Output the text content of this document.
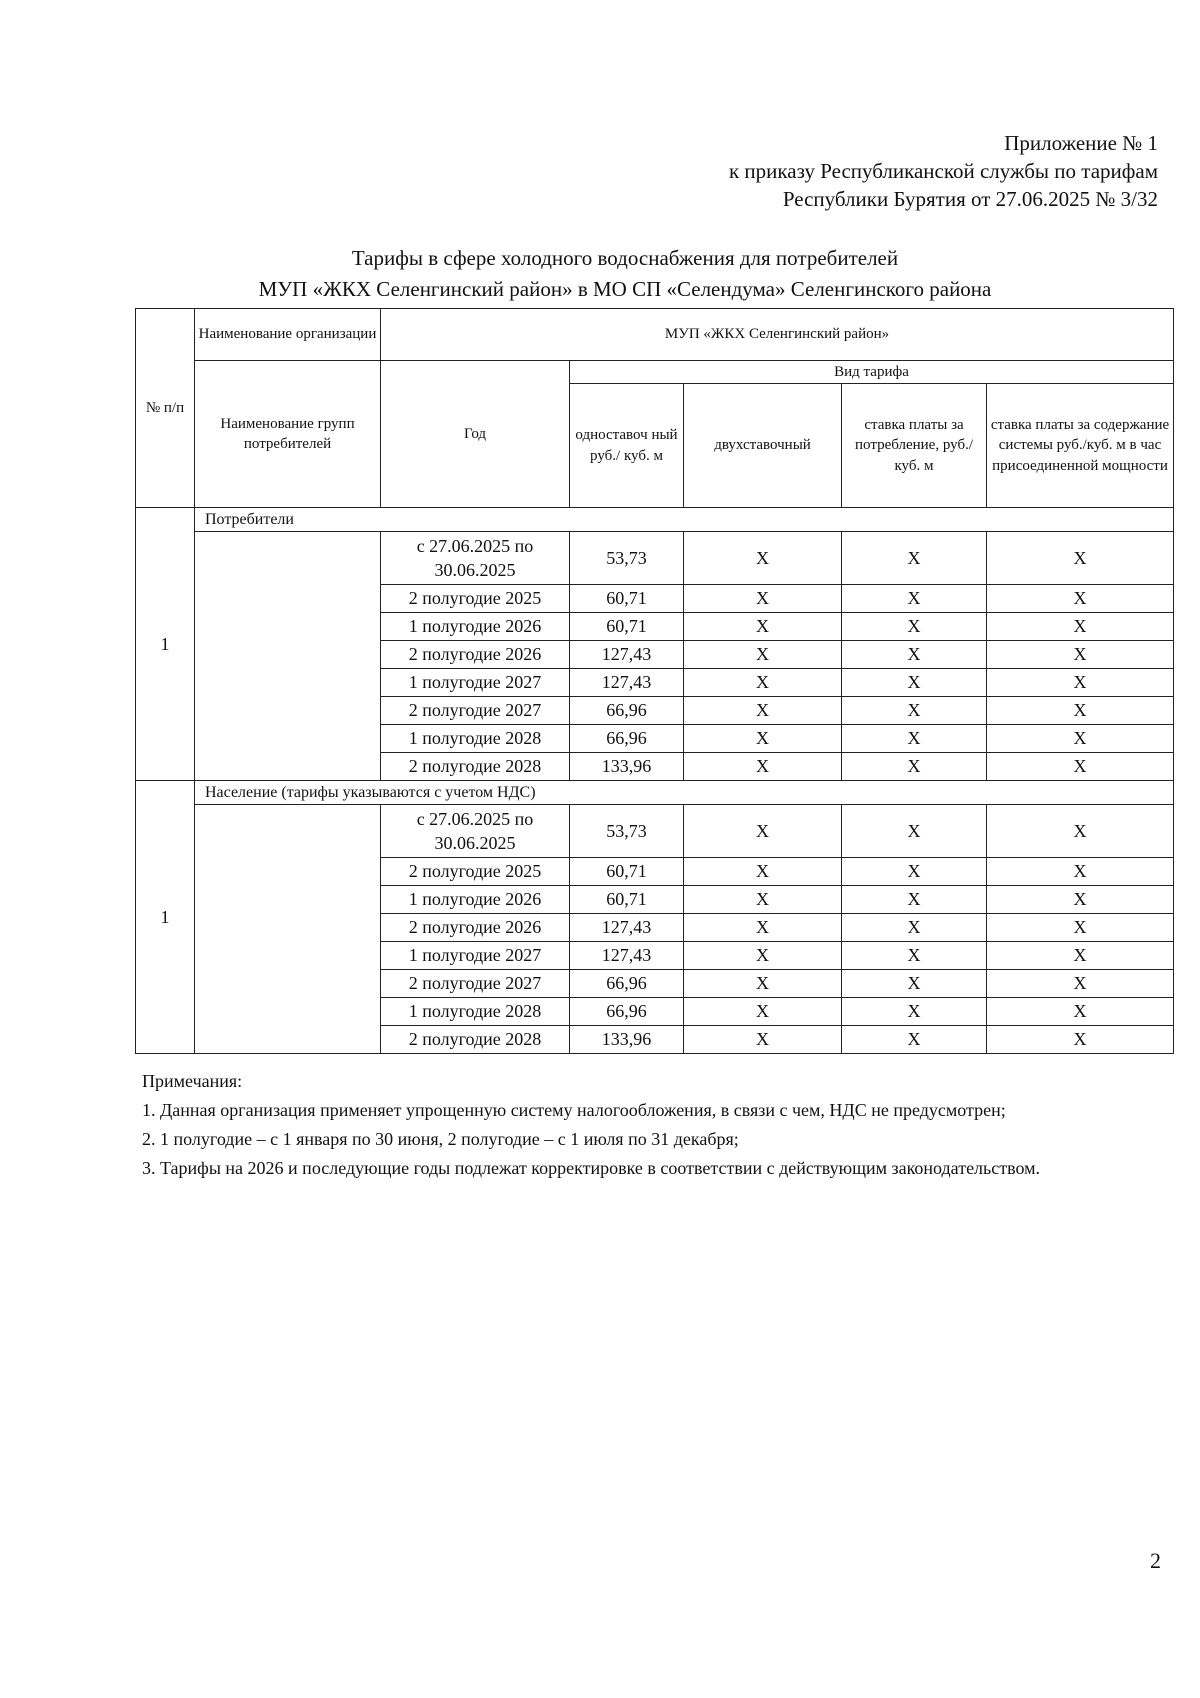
Приложение № 1
к приказу Республиканской службы по тарифам
Республики Бурятия от 27.06.2025 № 3/32
Тарифы в сфере холодного водоснабжения для потребителей
МУП «ЖКХ Селенгинский район» в МО СП «Селендума» Селенгинского района
№ п/п	Наименование организации	МУП «ЖКХ Селенгинский район»				
	Наименование групп потребителей	Год	Вид тарифа			
			одноставоч ный руб./ куб. м	двухставочный	ставка платы за потребление, руб./ куб. м	ставка платы за содержание системы руб./куб. м в час присоединенной мощности
1	Потребители					
		с 27.06.2025 по 30.06.2025	53,73	X	X	X
		2 полугодие 2025	60,71	X	X	X
		1 полугодие 2026	60,71	X	X	X
		2 полугодие 2026	127,43	X	X	X
		1 полугодие 2027	127,43	X	X	X
		2 полугодие 2027	66,96	X	X	X
		1 полугодие 2028	66,96	X	X	X
		2 полугодие 2028	133,96	X	X	X
1	Население (тарифы указываются с учетом НДС)					
		с 27.06.2025 по 30.06.2025	53,73	X	X	X
		2 полугодие 2025	60,71	X	X	X
		1 полугодие 2026	60,71	X	X	X
		2 полугодие 2026	127,43	X	X	X
		1 полугодие 2027	127,43	X	X	X
		2 полугодие 2027	66,96	X	X	X
		1 полугодие 2028	66,96	X	X	X
		2 полугодие 2028	133,96	X	X	X

Примечания:

1. Данная организация применяет упрощенную систему налогообложения, в связи с чем, НДС не предусмотрен;

2. 1 полугодие – с 1 января по 30 июня, 2 полугодие – с 1 июля по 31 декабря;

3. Тарифы на 2026 и последующие годы подлежат корректировке в соответствии с действующим законодательством.

2
